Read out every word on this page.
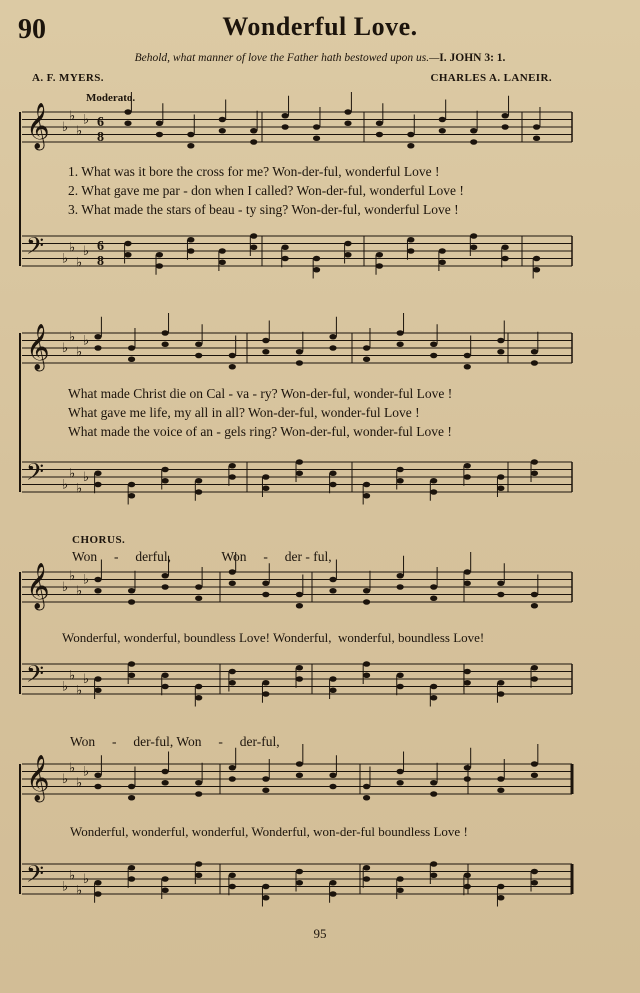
𝄞 ♭
♭
♭
♭ 6
8
𝄢 ♭
♭
♭
♭ 6
8
𝄞 ♭
♭
♭
♭
𝄢 ♭
♭
♭
♭
𝄞 ♭
♭
♭
♭
𝄢 ♭
♭
♭
♭
𝄞 ♭
♭
♭
♭
𝄢 ♭
♭
♭
♭
90	Wonderful Love.
Behold, what manner of love the Father hath bestowed upon us.—I. JOHN 3: 1.
A. F. MYERS.	CHARLES A. LANEIR.
Moderato.
1. What was it bore the cross for me? Won-der-ful, wonderful Love !
2. What gave me par - don when I called? Won-der-ful, wonderful Love !
3. What made the stars of beau - ty sing? Won-der-ful, wonderful Love !
What made Christ die on Cal - va - ry? Won-der-ful, wonder-ful Love !
What gave me life, my all in all? Won-der-ful, wonder-ful Love !
What made the voice of an - gels ring? Won-der-ful, wonder-ful Love !
CHORUS.
Won     -     derful,               Won     -     der - ful,
Wonderful, wonderful, boundless Love! Wonderful,  wonderful, boundless Love!
Won     -     der-ful, Won     -     der-ful,
Wonderful, wonderful, wonderful, Wonderful, won-der-ful boundless Love !
95
